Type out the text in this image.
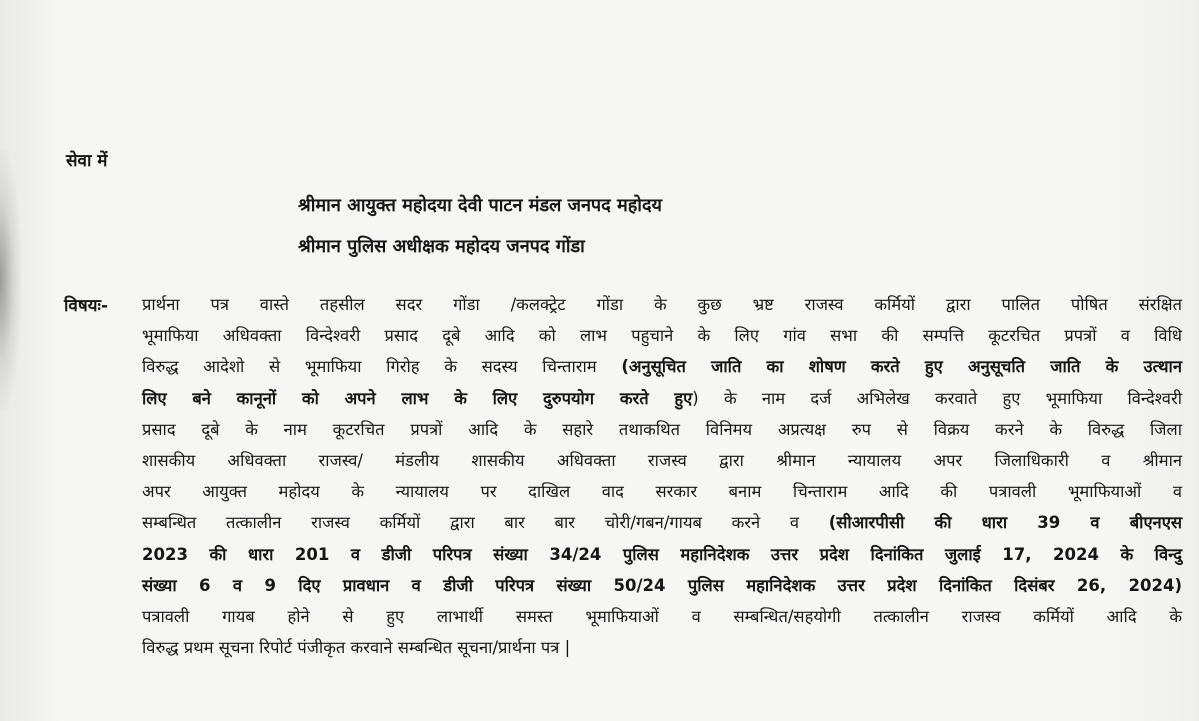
सेवा में
श्रीमान आयुक्त महोदया देवी पाटन मंडल जनपद महोदय
श्रीमान पुलिस अधीक्षक महोदय जनपद गोंडा
विषयः- प्रार्थना पत्र वास्ते तहसील सदर गोंडा /कलक्ट्रेट गोंडा के कुछ भ्रष्ट राजस्व कर्मियों द्वारा पालित पोषित संरक्षित
भूमाफिया अधिवक्ता विन्देश्वरी प्रसाद दूबे आदि को लाभ पहुचाने के लिए गांव सभा की सम्पत्ति कूटरचित प्रपत्रों व विधि
विरुद्ध आदेशो से भूमाफिया गिरोह के सदस्य चिन्ताराम (अनुसूचित जाति का शोषण करते हुए अनुसूचति जाति के उत्थान
लिए बने कानूनों को अपने लाभ के लिए दुरुपयोग करते हुए) के नाम दर्ज अभिलेख करवाते हुए भूमाफिया विन्देश्वरी
प्रसाद दूबे के नाम कूटरचित प्रपत्रों आदि के सहारे तथाकथित विनिमय अप्रत्यक्ष रुप से विक्रय करने के विरुद्ध जिला
शासकीय अधिवक्ता राजस्व/ मंडलीय शासकीय अधिवक्ता राजस्व द्वारा श्रीमान न्यायालय अपर जिलाधिकारी व श्रीमान
अपर आयुक्त महोदय के न्यायालय पर दाखिल वाद सरकार बनाम चिन्ताराम आदि की पत्रावली भूमाफियाओं व
सम्बन्धित तत्कालीन राजस्व कर्मियों द्वारा बार बार चोरी/गबन/गायब करने व (सीआरपीसी की धारा 39 व बीएनएस
2023 की धारा 201 व डीजी परिपत्र संख्या 34/24 पुलिस महानिदेशक उत्तर प्रदेश दिनांकित जुलाई 17, 2024 के विन्दु
संख्या 6 व 9 दिए प्रावधान व डीजी परिपत्र संख्या 50/24 पुलिस महानिदेशक उत्तर प्रदेश दिनांकित दिसंबर 26, 2024)
पत्रावली गायब होने से हुए लाभार्थी समस्त भूमाफियाओं व सम्बन्धित/सहयोगी तत्कालीन राजस्व कर्मियों आदि के
विरुद्ध प्रथम सूचना रिपोर्ट पंजीकृत करवाने सम्बन्धित सूचना/प्रार्थना पत्र |
